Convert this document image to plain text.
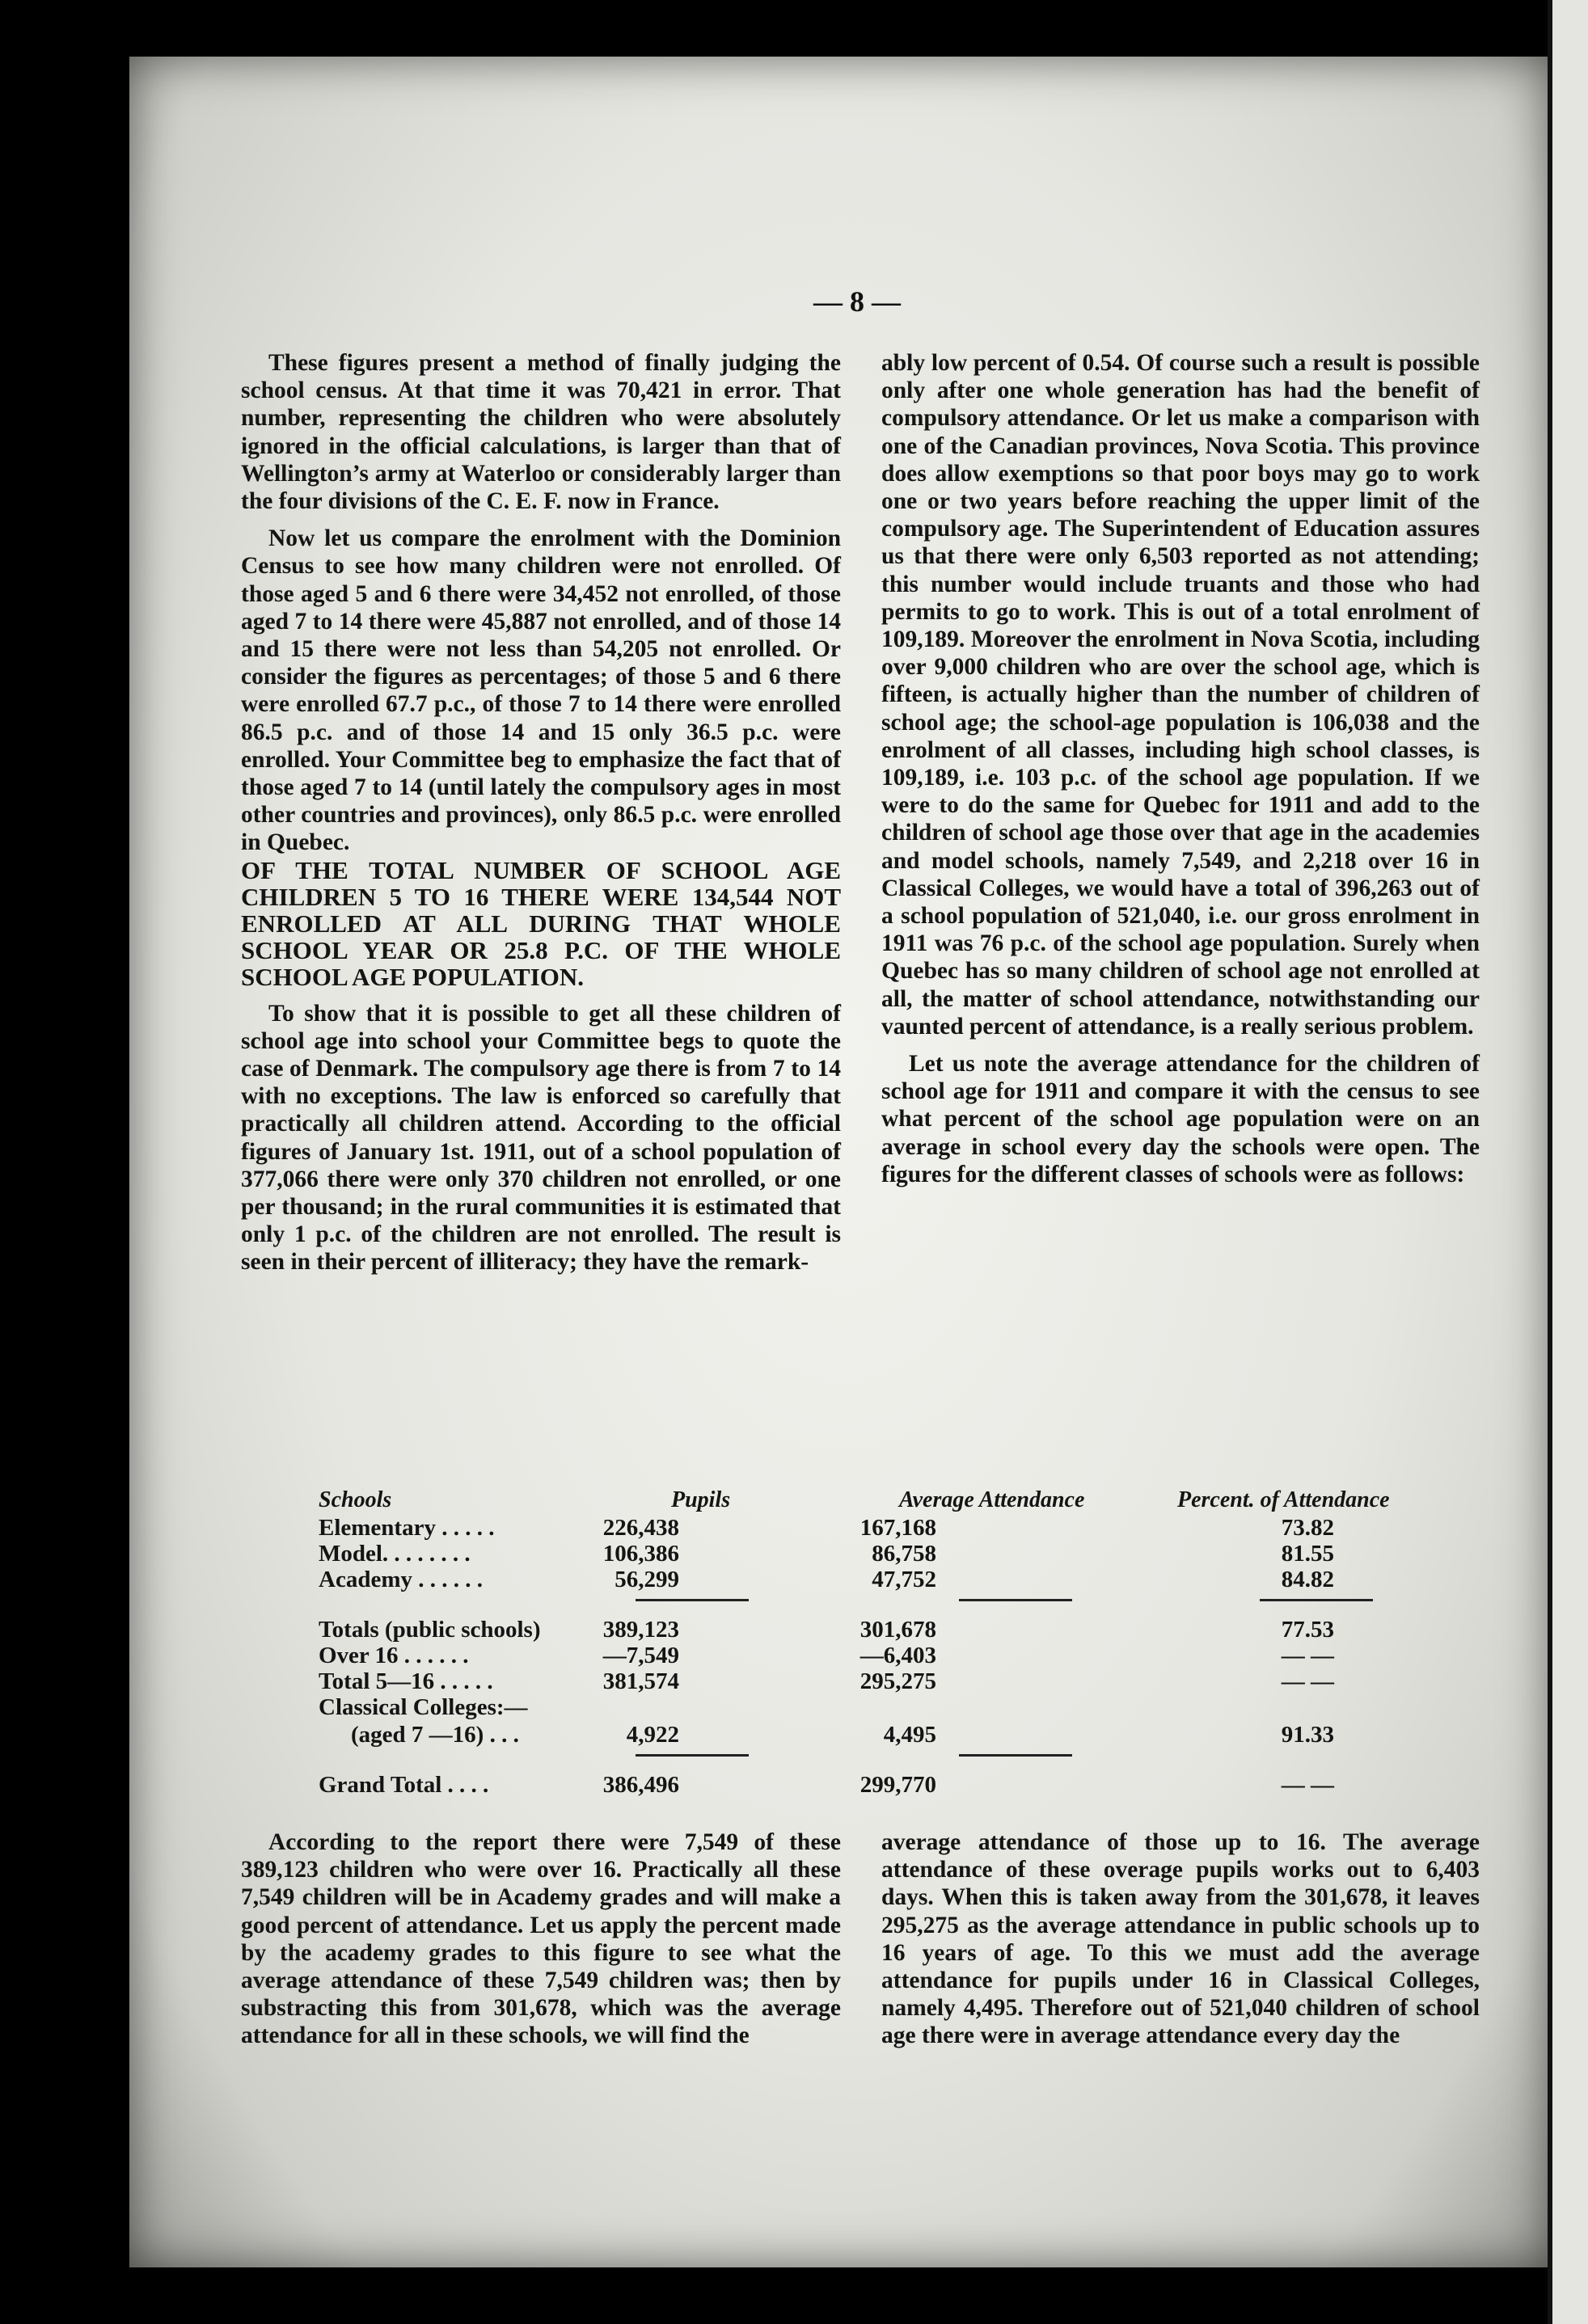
— 8 —

These figures present a method of finally judging the school census. At that time it was 70,421 in error. That number, representing the children who were absolutely ignored in the official calculations, is larger than that of Wellington’s army at Waterloo or considerably larger than the four divisions of the C. E. F. now in France.

Now let us compare the enrolment with the Dominion Census to see how many children were not enrolled. Of those aged 5 and 6 there were 34,452 not enrolled, of those aged 7 to 14 there were 45,887 not enrolled, and of those 14 and 15 there were not less than 54,205 not enrolled. Or consider the figures as percentages; of those 5 and 6 there were enrolled 67.7 p.c., of those 7 to 14 there were enrolled 86.5 p.c. and of those 14 and 15 only 36.5 p.c. were enrolled. Your Committee beg to emphasize the fact that of those aged 7 to 14 (until lately the compulsory ages in most other countries and provinces), only 86.5 p.c. were enrolled in Quebec.

OF THE TOTAL NUMBER OF SCHOOL AGE CHILDREN 5 TO 16 THERE WERE 134,544 NOT ENROLLED AT ALL DURING THAT WHOLE SCHOOL YEAR OR 25.8 P.C. OF THE WHOLE SCHOOL AGE POPULATION.

To show that it is possible to get all these children of school age into school your Committee begs to quote the case of Denmark. The compulsory age there is from 7 to 14 with no exceptions. The law is enforced so carefully that practically all children attend. According to the official figures of January 1st. 1911, out of a school population of 377,066 there were only 370 children not enrolled, or one per thousand; in the rural communities it is estimated that only 1 p.c. of the children are not enrolled. The result is seen in their percent of illiteracy; they have the remark-

ably low percent of 0.54. Of course such a result is possible only after one whole generation has had the benefit of compulsory attendance. Or let us make a comparison with one of the Canadian provinces, Nova Scotia. This province does allow exemptions so that poor boys may go to work one or two years before reaching the upper limit of the compulsory age. The Superintendent of Education assures us that there were only 6,503 reported as not attending; this number would include truants and those who had permits to go to work. This is out of a total enrolment of 109,189. Moreover the enrolment in Nova Scotia, including over 9,000 children who are over the school age, which is fifteen, is actually higher than the number of children of school age; the school-age population is 106,038 and the enrolment of all classes, including high school classes, is 109,189, i.e. 103 p.c. of the school age population. If we were to do the same for Quebec for 1911 and add to the children of school age those over that age in the academies and model schools, namely 7,549, and 2,218 over 16 in Classical Colleges, we would have a total of 396,263 out of a school population of 521,040, i.e. our gross enrolment in 1911 was 76 p.c. of the school age population. Surely when Quebec has so many children of school age not enrolled at all, the matter of school attendance, notwithstanding our vaunted percent of attendance, is a really serious problem.

Let us note the average attendance for the children of school age for 1911 and compare it with the census to see what percent of the school age population were on an average in school every day the schools were open. The figures for the different classes of schools were as follows:

Schools	Pupils	Average Attendance	Percent. of Attendance
Elementary . . . . .	226,438	167,168	73.82
Model. . . . . . . .	106,386	86,758	81.55
Academy . . . . . .	56,299	47,752	84.82
Totals (public schools)	389,123	301,678	77.53
Over 16 . . . . . .	—7,549	—6,403	— —
Total 5—16 . . . . .	381,574	295,275	— —
Classical Colleges:—
(aged 7 —16) . . .	4,922	4,495	91.33
Grand Total . . . .	386,496	299,770	— —

According to the report there were 7,549 of these 389,123 children who were over 16. Practically all these 7,549 children will be in Academy grades and will make a good percent of attendance. Let us apply the percent made by the academy grades to this figure to see what the average attendance of these 7,549 children was; then by substracting this from 301,678, which was the average attendance for all in these schools, we will find the

average attendance of those up to 16. The average attendance of these overage pupils works out to 6,403 days. When this is taken away from the 301,678, it leaves 295,275 as the average attendance in public schools up to 16 years of age. To this we must add the average attendance for pupils under 16 in Classical Colleges, namely 4,495. Therefore out of 521,040 children of school age there were in average attendance every day the
